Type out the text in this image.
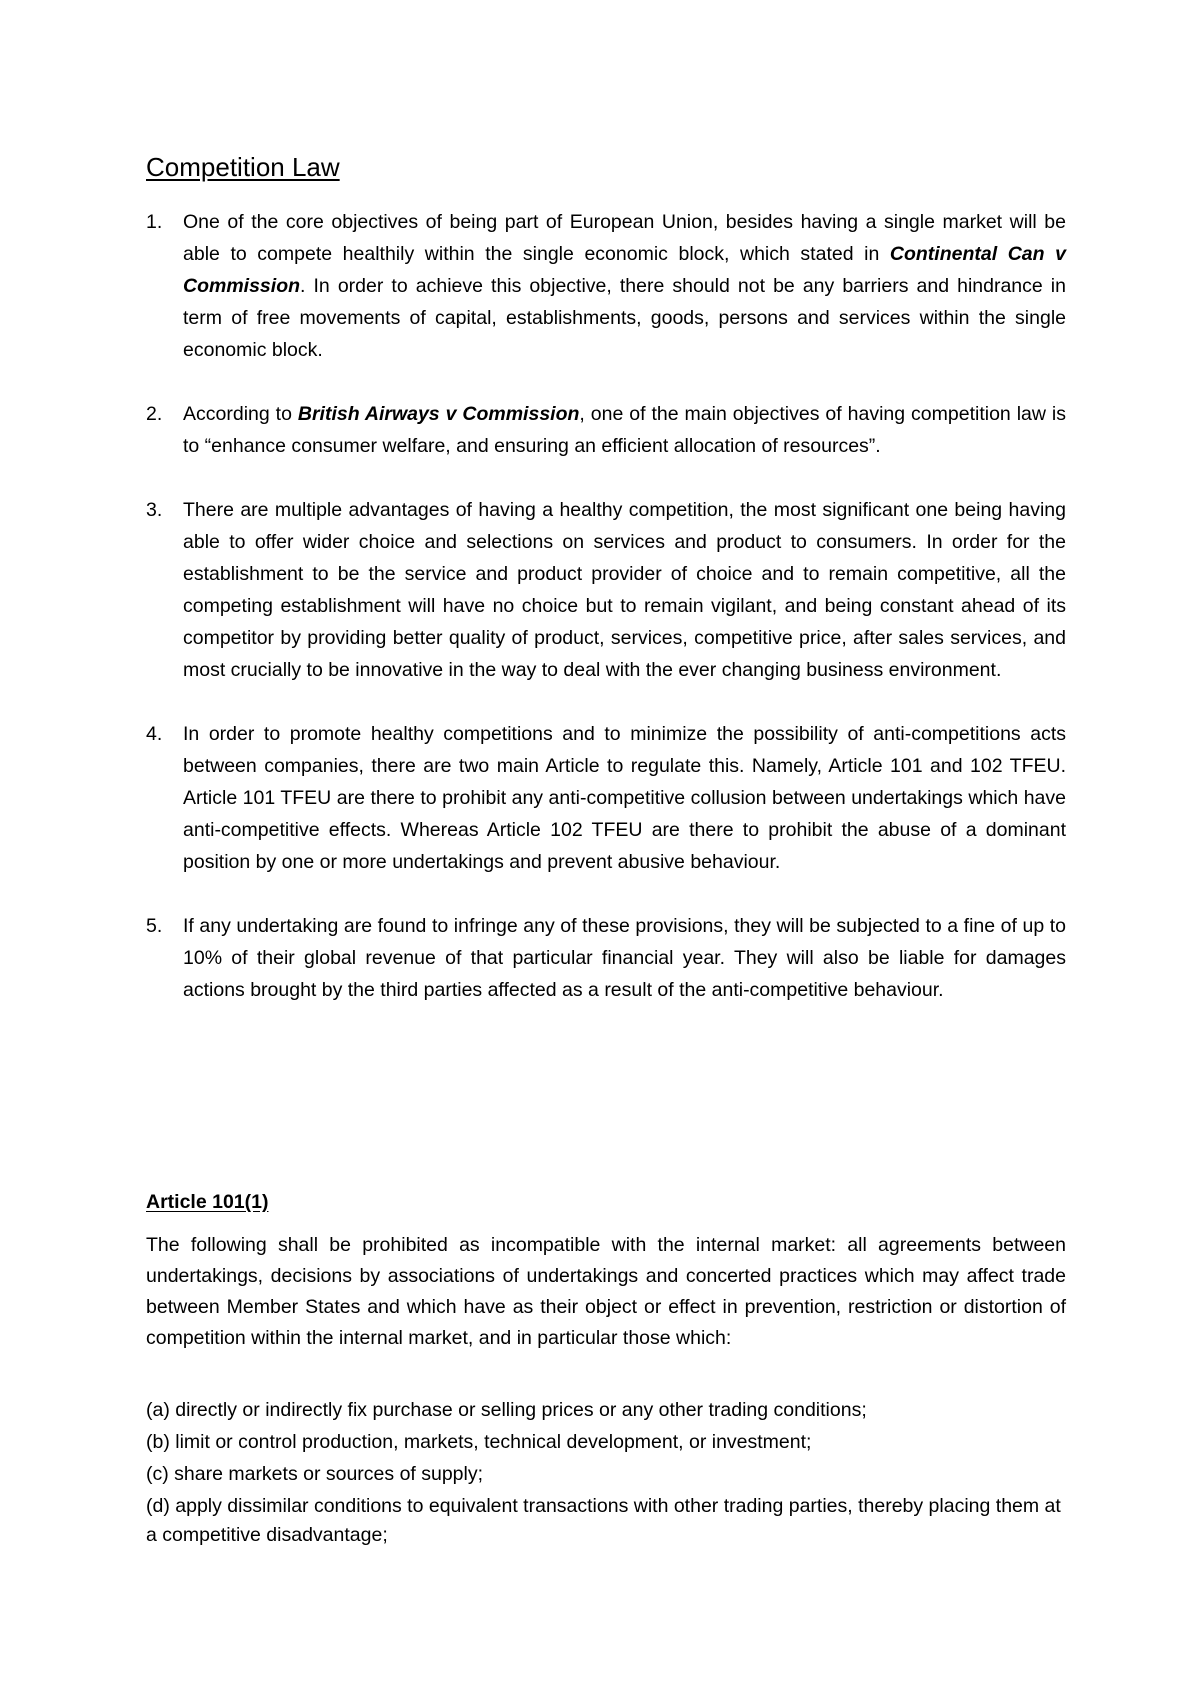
Competition Law
1. One of the core objectives of being part of European Union, besides having a single market will be able to compete healthily within the single economic block, which stated in Continental Can v Commission. In order to achieve this objective, there should not be any barriers and hindrance in term of free movements of capital, establishments, goods, persons and services within the single economic block.
2. According to British Airways v Commission, one of the main objectives of having competition law is to “enhance consumer welfare, and ensuring an efficient allocation of resources”.
3. There are multiple advantages of having a healthy competition, the most significant one being having able to offer wider choice and selections on services and product to consumers. In order for the establishment to be the service and product provider of choice and to remain competitive, all the competing establishment will have no choice but to remain vigilant, and being constant ahead of its competitor by providing better quality of product, services, competitive price, after sales services, and most crucially to be innovative in the way to deal with the ever changing business environment.
4. In order to promote healthy competitions and to minimize the possibility of anti-competitions acts between companies, there are two main Article to regulate this. Namely, Article 101 and 102 TFEU. Article 101 TFEU are there to prohibit any anti-competitive collusion between undertakings which have anti-competitive effects. Whereas Article 102 TFEU are there to prohibit the abuse of a dominant position by one or more undertakings and prevent abusive behaviour.
5. If any undertaking are found to infringe any of these provisions, they will be subjected to a fine of up to 10% of their global revenue of that particular financial year. They will also be liable for damages actions brought by the third parties affected as a result of the anti-competitive behaviour.
Article 101(1)

The following shall be prohibited as incompatible with the internal market: all agreements between undertakings, decisions by associations of undertakings and concerted practices which may affect trade between Member States and which have as their object or effect in prevention, restriction or distortion of competition within the internal market, and in particular those which:

(a) directly or indirectly fix purchase or selling prices or any other trading conditions;
(b) limit or control production, markets, technical development, or investment;
(c) share markets or sources of supply;
(d) apply dissimilar conditions to equivalent transactions with other trading parties, thereby placing them at a competitive disadvantage;
